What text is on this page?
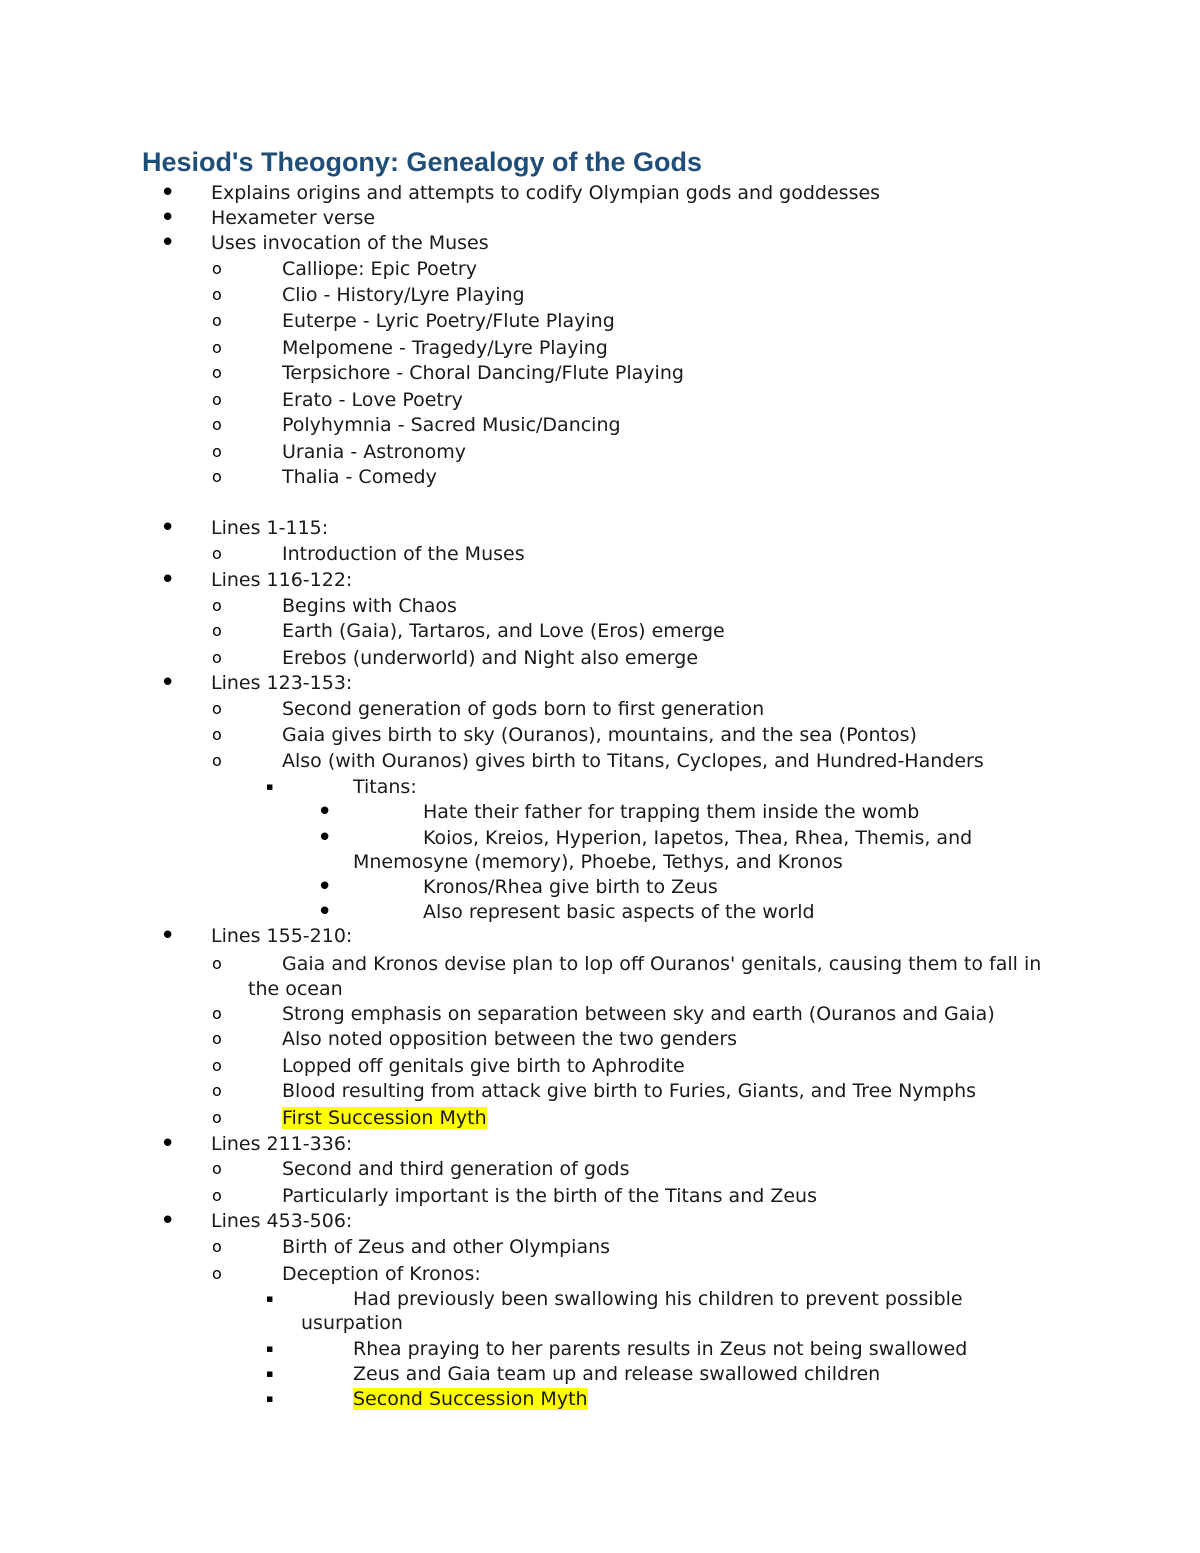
Hesiod's Theogony: Genealogy of the Gods
• Explains origins and attempts to codify Olympian gods and goddesses
• Hexameter verse
• Uses invocation of the Muses
o	Calliope: Epic Poetry
o	Clio - History/Lyre Playing
o	Euterpe - Lyric Poetry/Flute Playing
o	Melpomene - Tragedy/Lyre Playing
o	Terpsichore - Choral Dancing/Flute Playing
o	Erato - Love Poetry
o	Polyhymnia - Sacred Music/Dancing
o	Urania - Astronomy
o	Thalia - Comedy
• Lines 1-115:
o	Introduction of the Muses
• Lines 116-122:
o	Begins with Chaos
o	Earth (Gaia), Tartaros, and Love (Eros) emerge
o	Erebos (underworld) and Night also emerge
• Lines 123-153:
o	Second generation of gods born to first generation
o	Gaia gives birth to sky (Ouranos), mountains, and the sea (Pontos)
o	Also (with Ouranos) gives birth to Titans, Cyclopes, and Hundred-Handers
▪	Titans:
•	Hate their father for trapping them inside the womb
•	Koios, Kreios, Hyperion, Iapetos, Thea, Rhea, Themis, and
Mnemosyne (memory), Phoebe, Tethys, and Kronos
•	Kronos/Rhea give birth to Zeus
•	Also represent basic aspects of the world
• Lines 155-210:
o	Gaia and Kronos devise plan to lop off Ouranos' genitals, causing them to fall in
the ocean
o	Strong emphasis on separation between sky and earth (Ouranos and Gaia)
o	Also noted opposition between the two genders
o	Lopped off genitals give birth to Aphrodite
o	Blood resulting from attack give birth to Furies, Giants, and Tree Nymphs
o	First Succession Myth
• Lines 211-336:
o	Second and third generation of gods
o	Particularly important is the birth of the Titans and Zeus
• Lines 453-506:
o	Birth of Zeus and other Olympians
o	Deception of Kronos:
▪	Had previously been swallowing his children to prevent possible
usurpation
▪	Rhea praying to her parents results in Zeus not being swallowed
▪	Zeus and Gaia team up and release swallowed children
▪	Second Succession Myth
